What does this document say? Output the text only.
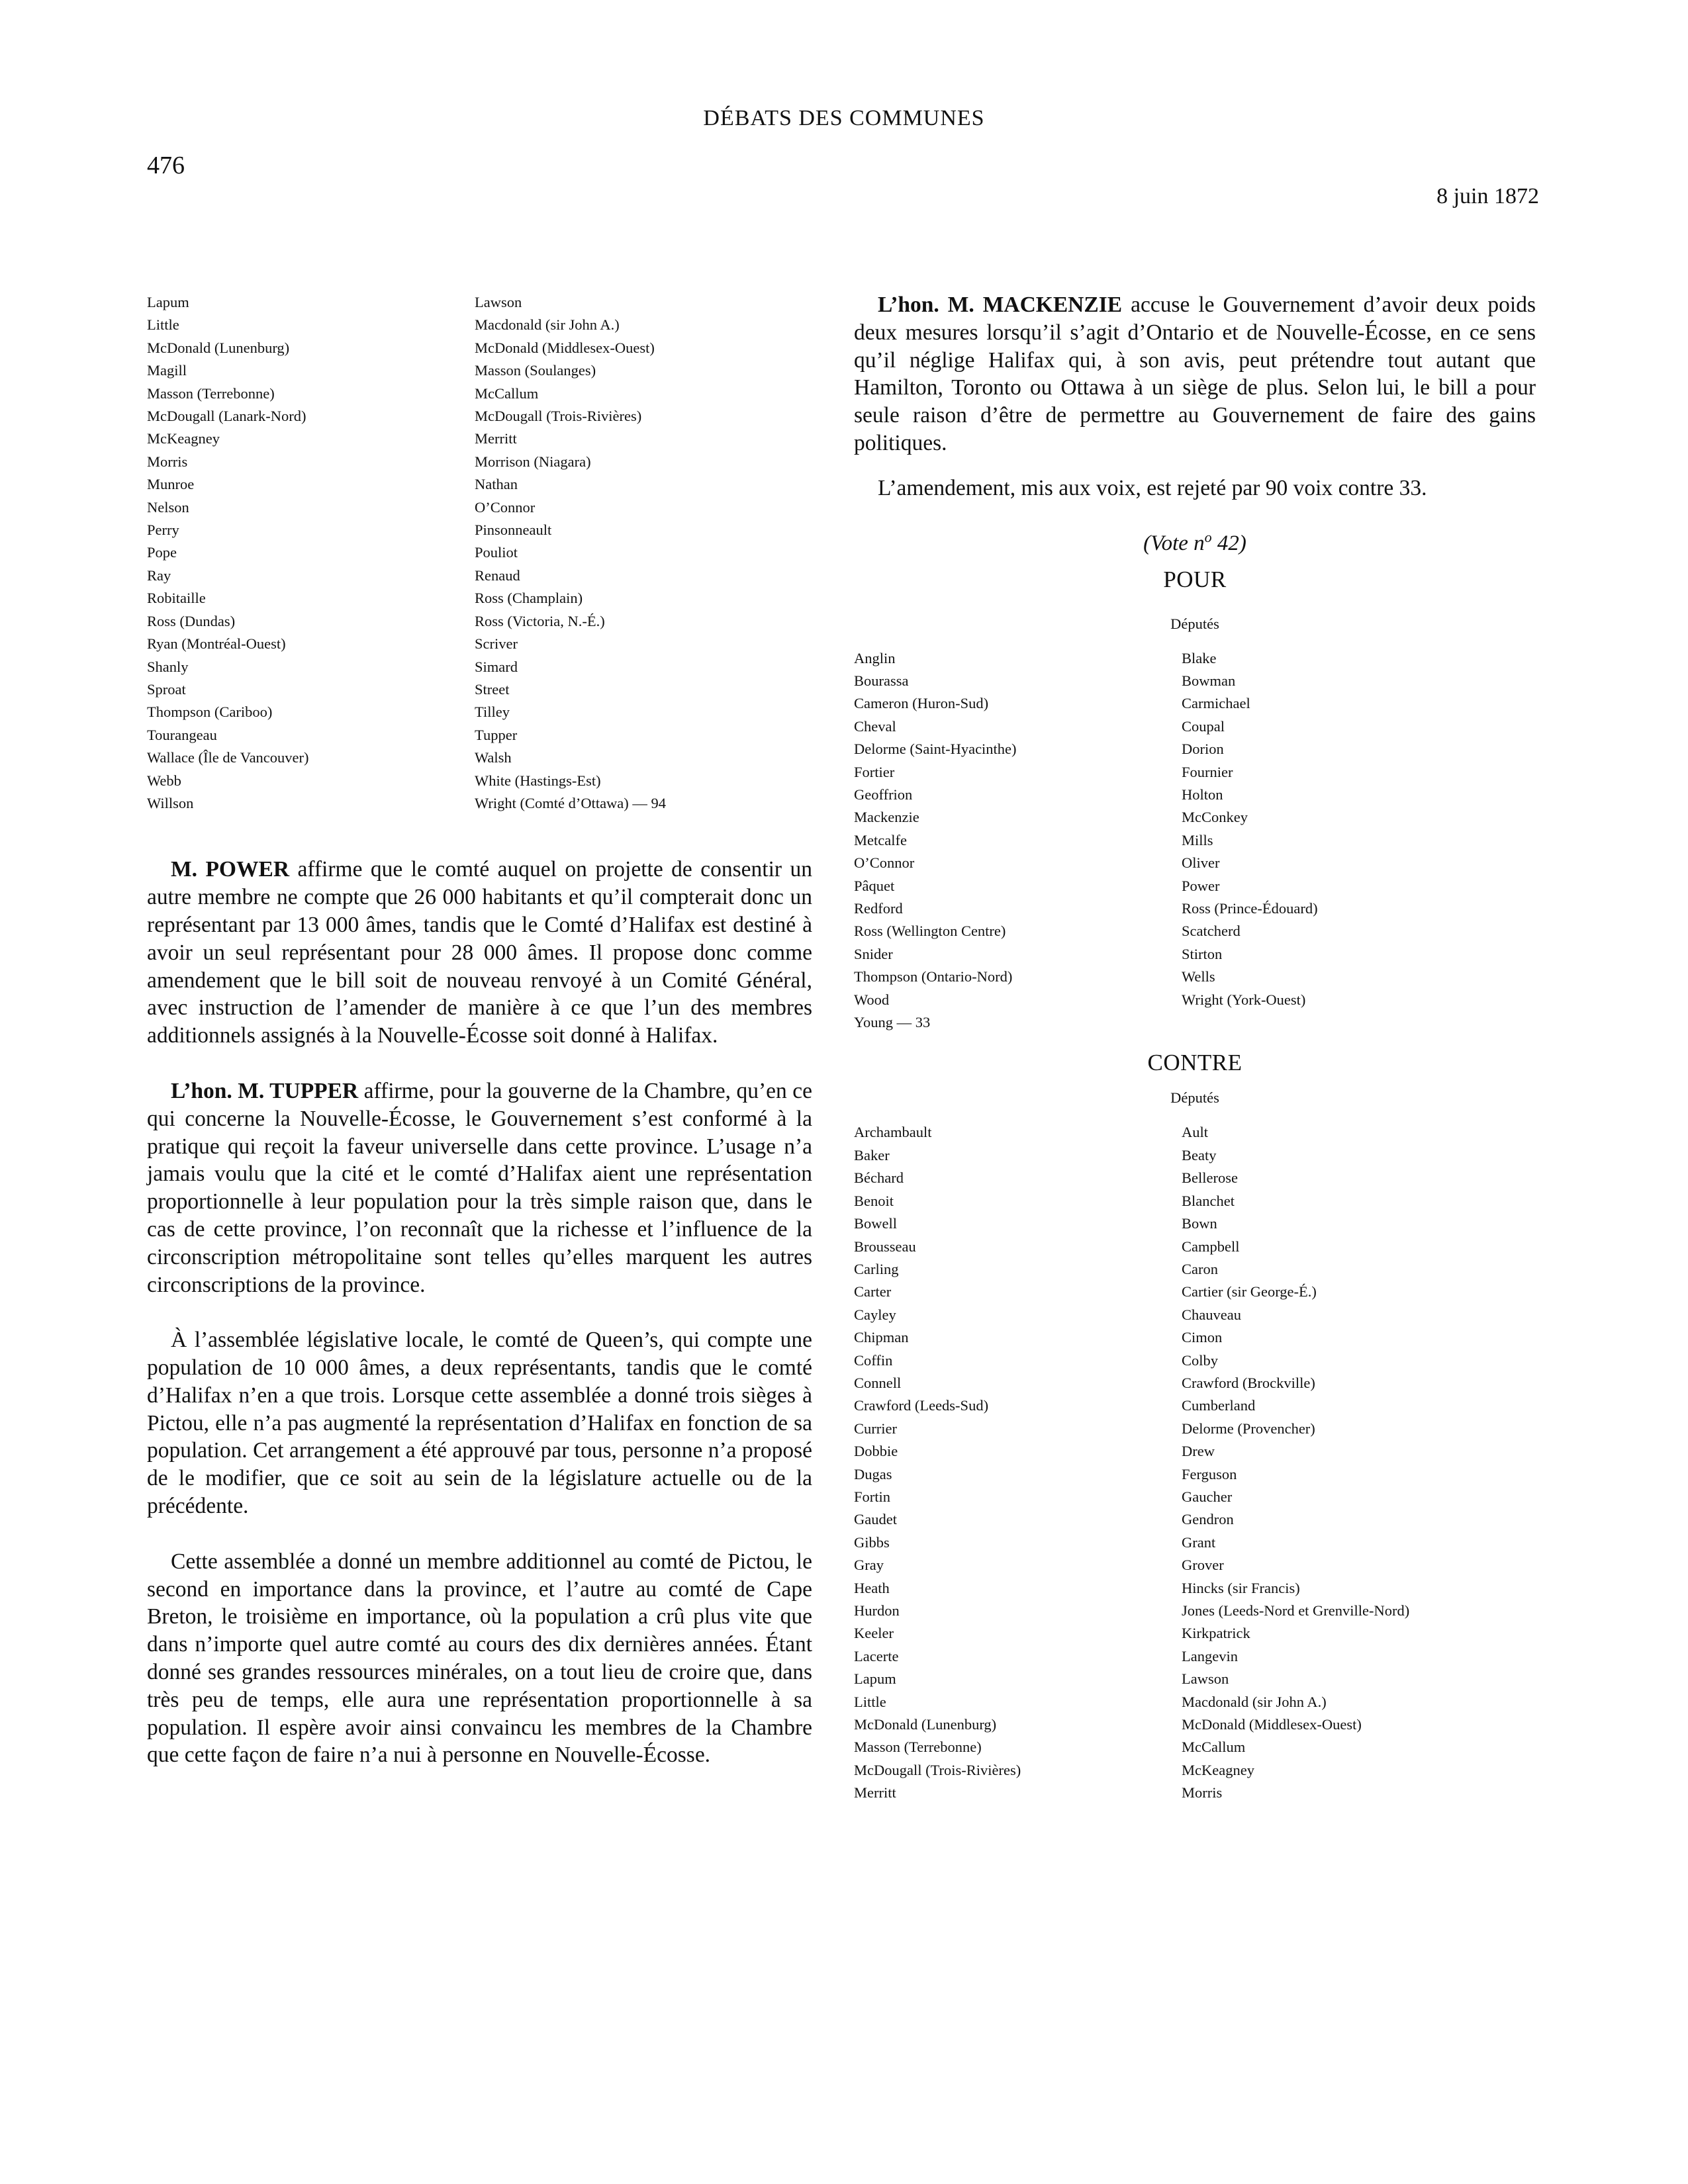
DÉBATS DES COMMUNES
476
8 juin 1872
Lapum	Lawson
Little	Macdonald (sir John A.)
McDonald (Lunenburg)	McDonald (Middlesex-Ouest)
Magill	Masson (Soulanges)
Masson (Terrebonne)	McCallum
McDougall (Lanark-Nord)	McDougall (Trois-Rivières)
McKeagney	Merritt
Morris	Morrison (Niagara)
Munroe	Nathan
Nelson	O’Connor
Perry	Pinsonneault
Pope	Pouliot
Ray	Renaud
Robitaille	Ross (Champlain)
Ross (Dundas)	Ross (Victoria, N.-É.)
Ryan (Montréal-Ouest)	Scriver
Shanly	Simard
Sproat	Street
Thompson (Cariboo)	Tilley
Tourangeau	Tupper
Wallace (Île de Vancouver)	Walsh
Webb	White (Hastings-Est)
Willson	Wright (Comté d’Ottawa) — 94

M. POWER affirme que le comté auquel on projette de consentir un autre membre ne compte que 26 000 habitants et qu’il compterait donc un représentant par 13 000 âmes, tandis que le Comté d’Halifax est destiné à avoir un seul représentant pour 28 000 âmes. Il propose donc comme amendement que le bill soit de nouveau renvoyé à un Comité Général, avec instruction de l’amender de manière à ce que l’un des membres additionnels assignés à la Nouvelle-Écosse soit donné à Halifax.

L’hon. M. TUPPER affirme, pour la gouverne de la Chambre, qu’en ce qui concerne la Nouvelle-Écosse, le Gouvernement s’est conformé à la pratique qui reçoit la faveur universelle dans cette province. L’usage n’a jamais voulu que la cité et le comté d’Halifax aient une représentation proportionnelle à leur population pour la très simple raison que, dans le cas de cette province, l’on reconnaît que la richesse et l’influence de la circonscription métropolitaine sont telles qu’elles marquent les autres circonscriptions de la province.

À l’assemblée législative locale, le comté de Queen’s, qui compte une population de 10 000 âmes, a deux représentants, tandis que le comté d’Halifax n’en a que trois. Lorsque cette assemblée a donné trois sièges à Pictou, elle n’a pas augmenté la représentation d’Halifax en fonction de sa population. Cet arrangement a été approuvé par tous, personne n’a proposé de le modifier, que ce soit au sein de la législature actuelle ou de la précédente.

Cette assemblée a donné un membre additionnel au comté de Pictou, le second en importance dans la province, et l’autre au comté de Cape Breton, le troisième en importance, où la population a crû plus vite que dans n’importe quel autre comté au cours des dix dernières années. Étant donné ses grandes ressources minérales, on a tout lieu de croire que, dans très peu de temps, elle aura une représentation proportionnelle à sa population. Il espère avoir ainsi convaincu les membres de la Chambre que cette façon de faire n’a nui à personne en Nouvelle-Écosse.

L’hon. M. MACKENZIE accuse le Gouvernement d’avoir deux poids deux mesures lorsqu’il s’agit d’Ontario et de Nouvelle-Écosse, en ce sens qu’il néglige Halifax qui, à son avis, peut prétendre tout autant que Hamilton, Toronto ou Ottawa à un siège de plus. Selon lui, le bill a pour seule raison d’être de permettre au Gouvernement de faire des gains politiques.

L’amendement, mis aux voix, est rejeté par 90 voix contre 33.

(Vote $n^o$ 42)
POUR
Députés
Anglin	Blake
Bourassa	Bowman
Cameron (Huron-Sud)	Carmichael
Cheval	Coupal
Delorme (Saint-Hyacinthe)	Dorion
Fortier	Fournier
Geoffrion	Holton
Mackenzie	McConkey
Metcalfe	Mills
O’Connor	Oliver
Pâquet	Power
Redford	Ross (Prince-Édouard)
Ross (Wellington Centre)	Scatcherd
Snider	Stirton
Thompson (Ontario-Nord)	Wells
Wood	Wright (York-Ouest)
Young — 33
CONTRE
Députés
Archambault	Ault
Baker	Beaty
Béchard	Bellerose
Benoit	Blanchet
Bowell	Bown
Brousseau	Campbell
Carling	Caron
Carter	Cartier (sir George-É.)
Cayley	Chauveau
Chipman	Cimon
Coffin	Colby
Connell	Crawford (Brockville)
Crawford (Leeds-Sud)	Cumberland
Currier	Delorme (Provencher)
Dobbie	Drew
Dugas	Ferguson
Fortin	Gaucher
Gaudet	Gendron
Gibbs	Grant
Gray	Grover
Heath	Hincks (sir Francis)
Hurdon	Jones (Leeds-Nord et Grenville-Nord)
Keeler	Kirkpatrick
Lacerte	Langevin
Lapum	Lawson
Little	Macdonald (sir John A.)
McDonald (Lunenburg)	McDonald (Middlesex-Ouest)
Masson (Terrebonne)	McCallum
McDougall (Trois-Rivières)	McKeagney
Merritt	Morris
